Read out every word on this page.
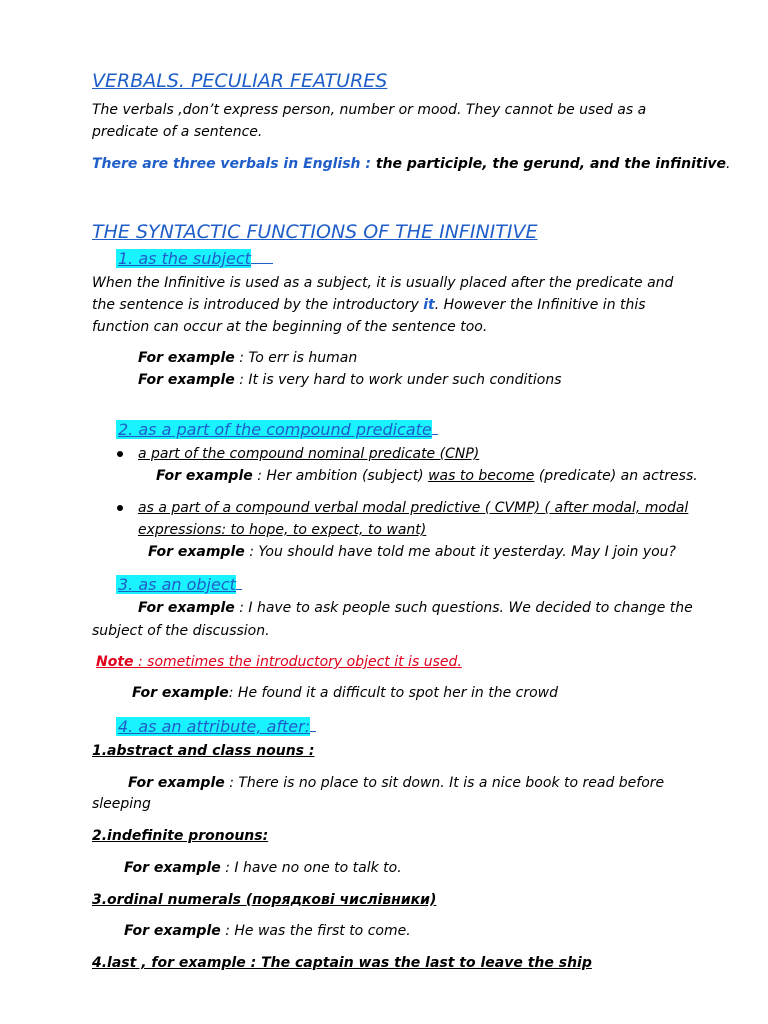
VERBALS. PECULIAR FEATURES
The verbals ,don’t express person, number or mood. They cannot be used as a
predicate of a sentence.
There are three verbals in English : the participle, the gerund, and the infinitive.
THE SYNTACTIC FUNCTIONS OF THE INFINITIVE
1. as the subject
When the Infinitive is used as a subject, it is usually placed after the predicate and
the sentence is introduced by the introductory it. However the Infinitive in this
function can occur at the beginning of the sentence too.
For example : To err is human
For example : It is very hard to work under such conditions
2. as a part of the compound predicate
a part of the compound nominal predicate (CNP)
For example : Her ambition (subject) was to become (predicate) an actress.
as a part of a compound verbal modal predictive ( CVMP) ( after modal, modal
expressions: to hope, to expect, to want)
For example : You should have told me about it yesterday. May I join you?
3. as an object
For example : I have to ask people such questions. We decided to change the
subject of the discussion.
Note : sometimes the introductory object it is used.
For example: He found it a difficult to spot her in the crowd
4. as an attribute, after:
1.abstract and class nouns :
For example : There is no place to sit down. It is a nice book to read before
sleeping
2.indefinite pronouns:
For example : I have no one to talk to.
3.ordinal numerals (порядкові числівники)
For example : He was the first to come.
4.last , for example : The captain was the last to leave the ship
